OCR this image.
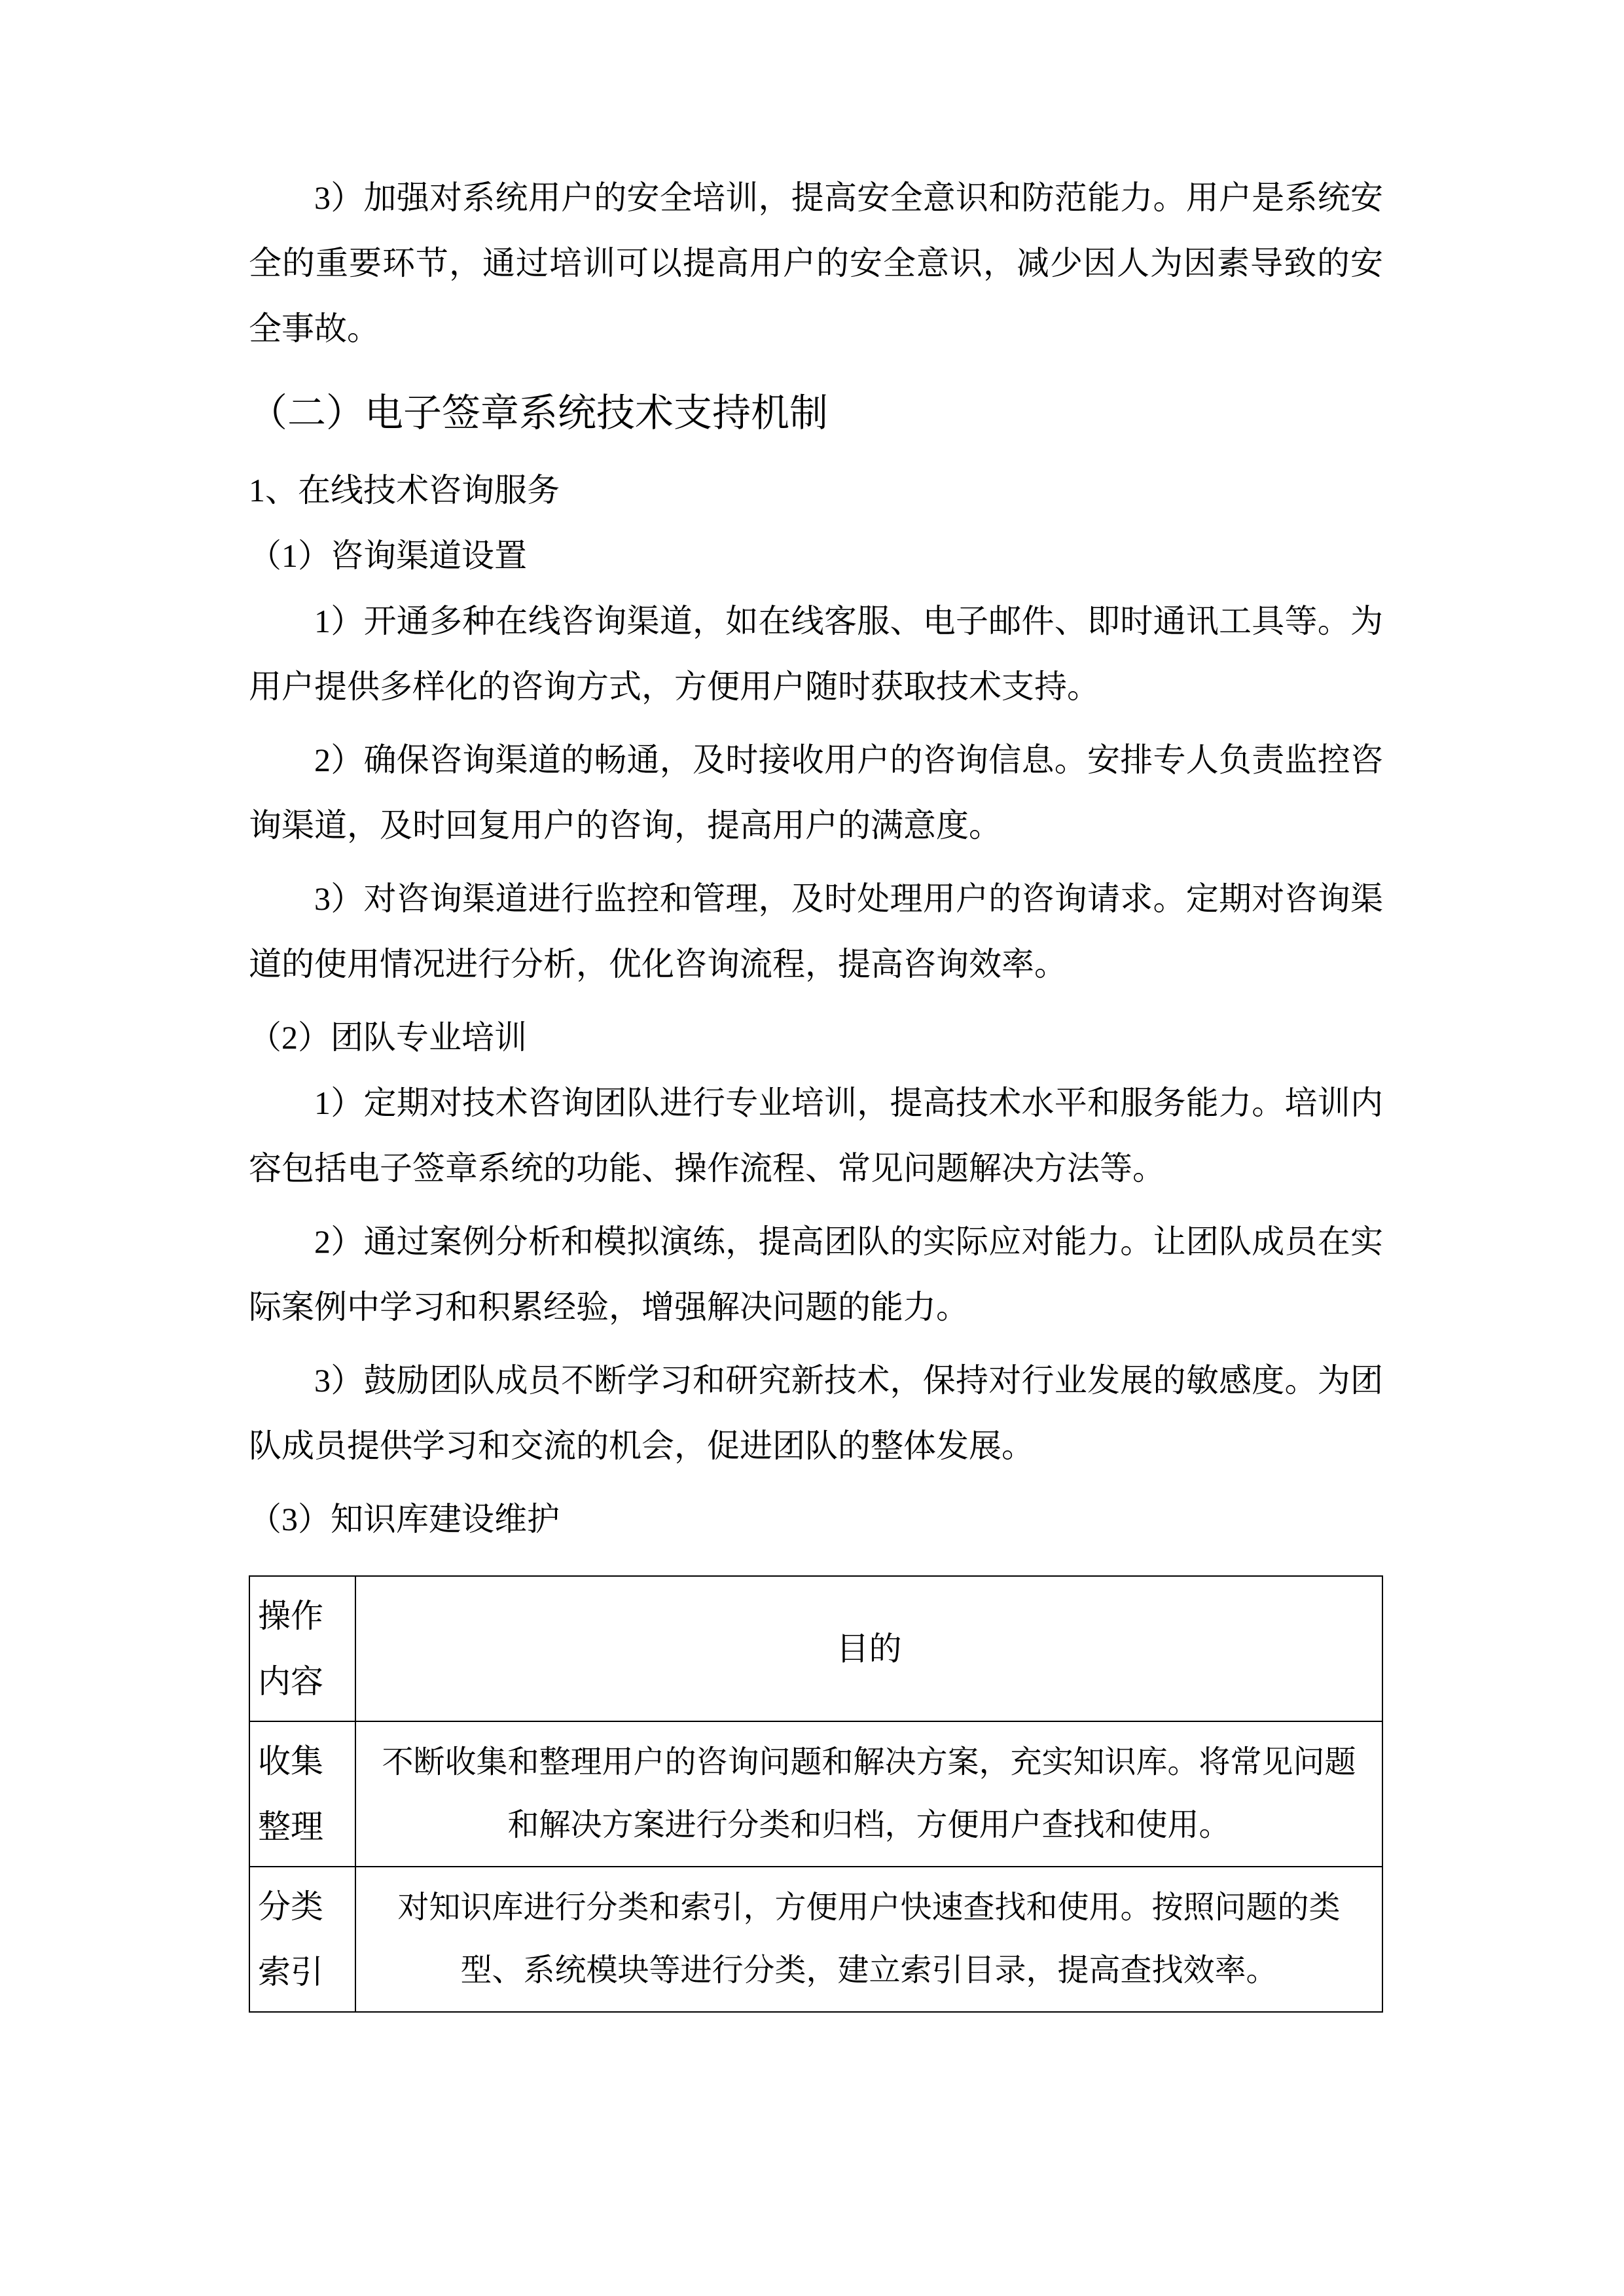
3）加强对系统用户的安全培训，提高安全意识和防范能力。用户是系统安全的重要环节，通过培训可以提高用户的安全意识，减少因人为因素导致的安全事故。

（二）电子签章系统技术支持机制

1、在线技术咨询服务

（1）咨询渠道设置

1）开通多种在线咨询渠道，如在线客服、电子邮件、即时通讯工具等。为用户提供多样化的咨询方式，方便用户随时获取技术支持。

2）确保咨询渠道的畅通，及时接收用户的咨询信息。安排专人负责监控咨询渠道，及时回复用户的咨询，提高用户的满意度。

3）对咨询渠道进行监控和管理，及时处理用户的咨询请求。定期对咨询渠道的使用情况进行分析，优化咨询流程，提高咨询效率。

（2）团队专业培训

1）定期对技术咨询团队进行专业培训，提高技术水平和服务能力。培训内容包括电子签章系统的功能、操作流程、常见问题解决方法等。

2）通过案例分析和模拟演练，提高团队的实际应对能力。让团队成员在实际案例中学习和积累经验，增强解决问题的能力。

3）鼓励团队成员不断学习和研究新技术，保持对行业发展的敏感度。为团队成员提供学习和交流的机会，促进团队的整体发展。

（3）知识库建设维护

操作
内容	目的

收集
整理	不断收集和整理用户的咨询问题和解决方案，充实知识库。将常见问题和解决方案进行分类和归档，方便用户查找和使用。

分类
索引	对知识库进行分类和索引，方便用户快速查找和使用。按照问题的类型、系统模块等进行分类，建立索引目录，提高查找效率。
